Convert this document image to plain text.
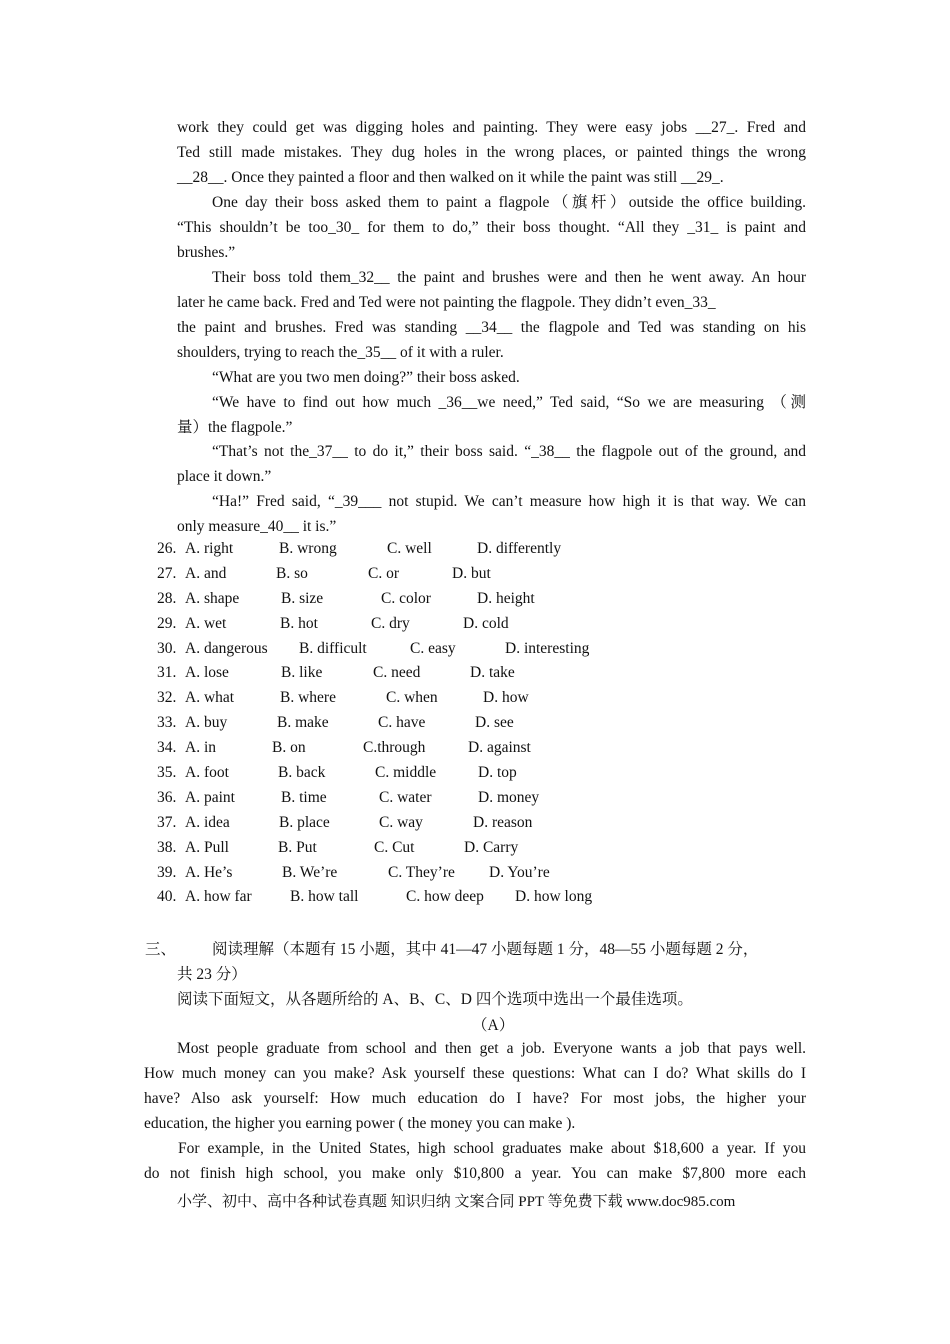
work they could get was digging holes and painting. They were easy jobs __27_. Fred and
Ted still made mistakes. They dug holes in the wrong places, or painted things the wrong
__28__. Once they painted a floor and then walked on it while the paint was still __29_.
One day their boss asked them to paint a flagpole（旗杆）outside the office building.
“This shouldn’t be too_30_ for them to do,” their boss thought. “All they _31_ is paint and
brushes.”
Their boss told them_32__ the paint and brushes were and then he went away. An hour
later he came back. Fred and Ted were not painting the flagpole. They didn’t even_33_
the paint and brushes. Fred was standing __34__ the flagpole and Ted was standing on his
shoulders, trying to reach the_35__ of it with a ruler.
“What are you two men doing?” their boss asked.
“We have to find out how much _36__we need,” Ted said, “So we are measuring （测
量）the flagpole.”
“That’s not the_37__ to do it,” their boss said. “_38__ the flagpole out of the ground, and
place it down.”
“Ha!” Fred said, “_39___ not stupid. We can’t measure how high it is that way. We can
only measure_40__ it is.”
26. A. right	B. wrong	C. well	D. differently
27. A. and	B. so	C. or	D. but
28. A. shape	B. size	C. color	D. height
29. A. wet	B. hot	C. dry	D. cold
30. A. dangerous B. difficult	C. easy	D. interesting
31. A. lose	B. like	C. need	D. take
32. A. what	B. where	C. when	D. how
33. A. buy	B. make	C. have	D. see
34. A. in	B. on	C.through	D. against
35. A. foot	B. back	C. middle	D. top
36. A. paint	B. time	C. water	D. money
37. A. idea	B. place	C. way	D. reason
38. A. Pull	B. Put	C. Cut	D. Carry
39. A. He’s	B. We’re	C. They’re D. You’re
40. A. how far B. how tall	C. how deep D. how long
三、 阅读理解（本题有 15 小题，其中 41—47 小题每题 1 分，48—55 小题每题 2 分，
共 23 分）
阅读下面短文，从各题所给的 A、B、C、D 四个选项中选出一个最佳选项。
（A）
Most people graduate from school and then get a job. Everyone wants a job that pays well.
How much money can you make? Ask yourself these questions: What can I do? What skills do I
have? Also ask yourself: How much education do I have? For most jobs, the higher your
education, the higher you earning power ( the money you can make ).
For example, in the United States, high school graduates make about $18,600 a year. If you
do not finish high school, you make only $10,800 a year. You can make $7,800 more each
小学、初中、高中各种试卷真题 知识归纳 文案合同 PPT 等免费下载 www.doc985.com
